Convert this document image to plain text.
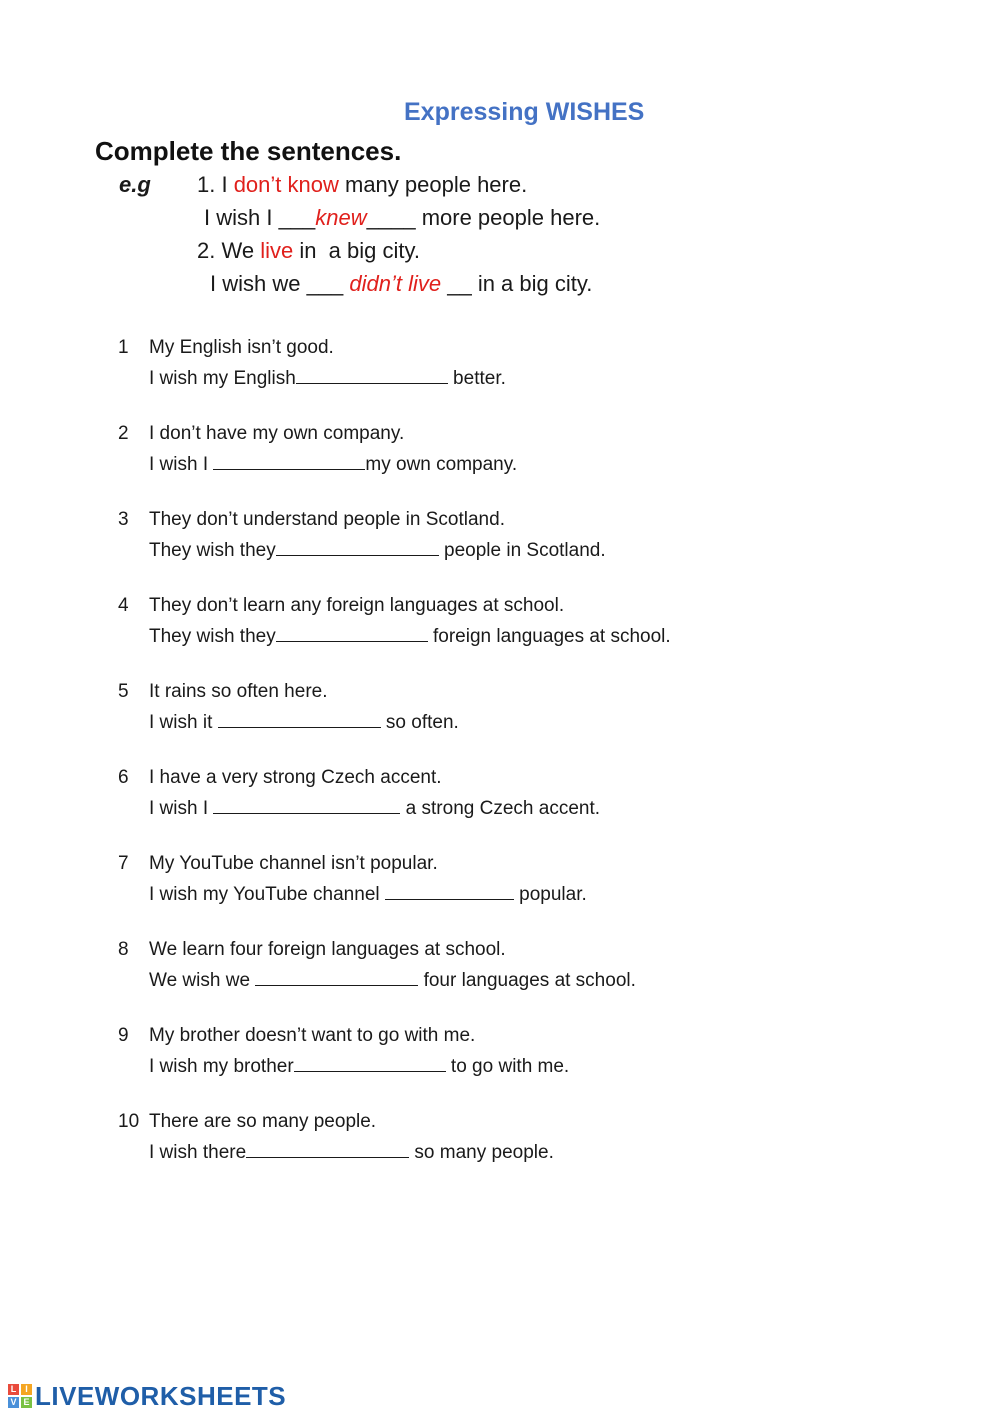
Expressing WISHES
Complete the sentences.
e.g 1. I don’t know many people here.
I wish I ___knew____ more people here.
2. We live in  a big city.
I wish we ___ didn’t live __ in a big city.
1 My English isn’t good.
I wish my English	better.
2 I don’t have my own company.
I wish I	my own company.
3 They don’t understand people in Scotland.
They wish they	people in Scotland.
4 They don’t learn any foreign languages at school.
They wish they	foreign languages at school.
5 It rains so often here.
I wish it	so often.
6 I have a very strong Czech accent.
I wish I	a strong Czech accent.
7 My YouTube channel isn’t popular.
I wish my YouTube channel	popular.
8 We learn four foreign languages at school.
We wish we	four languages at school.
9 My brother doesn’t want to go with me.
I wish my brother	to go with me.
10 There are so many people.
I wish there	so many people.
L I
V E LIVEWORKSHEETS
